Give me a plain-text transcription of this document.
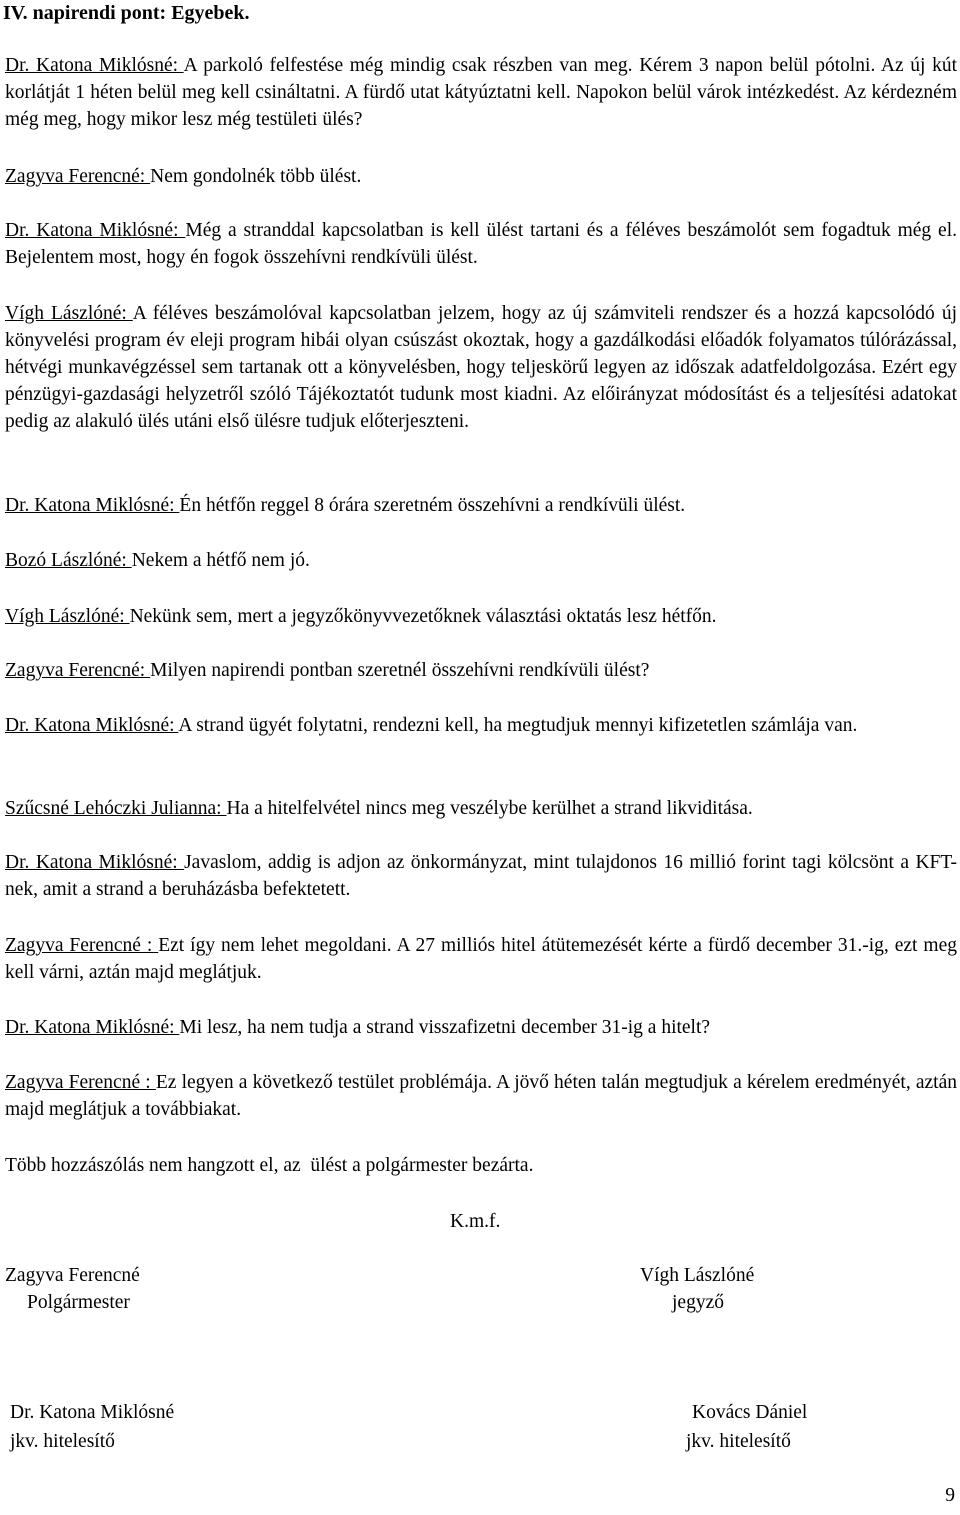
IV. napirendi pont: Egyebek.
Dr. Katona Miklósné: A parkoló felfestése még mindig csak részben van meg. Kérem 3 napon belül pótolni. Az új kút korlátját 1 héten belül meg kell csináltatni. A fürdő utat kátyúztatni kell. Napokon belül várok intézkedést. Az kérdezném még meg, hogy mikor lesz még testületi ülés?
Zagyva Ferencné: Nem gondolnék több ülést.
Dr. Katona Miklósné: Még a stranddal kapcsolatban is kell ülést tartani és a féléves beszámolót sem fogadtuk még el. Bejelentem most, hogy én fogok összehívni rendkívüli ülést.
Vígh Lászlóné: A féléves beszámolóval kapcsolatban jelzem, hogy az új számviteli rendszer és a hozzá kapcsolódó új könyvelési program év eleji program hibái olyan csúszást okoztak, hogy a gazdálkodási előadók folyamatos túlórázással, hétvégi munkavégzéssel sem tartanak ott a könyvelésben, hogy teljeskörű legyen az időszak adatfeldolgozása. Ezért egy pénzügyi-gazdasági helyzetről szóló Tájékoztatót tudunk most kiadni. Az előirányzat módosítást és a teljesítési adatokat pedig az alakuló ülés utáni első ülésre tudjuk előterjeszteni.
Dr. Katona Miklósné: Én hétfőn reggel 8 órára szeretném összehívni a rendkívüli ülést.
Bozó Lászlóné: Nekem a hétfő nem jó.
Vígh Lászlóné: Nekünk sem, mert a jegyzőkönyvvezetőknek választási oktatás lesz hétfőn.
Zagyva Ferencné: Milyen napirendi pontban szeretnél összehívni rendkívüli ülést?
Dr. Katona Miklósné: A strand ügyét folytatni, rendezni kell, ha megtudjuk mennyi kifizetetlen számlája van.
Szűcsné Lehóczki Julianna: Ha a hitelfelvétel nincs meg veszélybe kerülhet a strand likviditása.
Dr. Katona Miklósné: Javaslom, addig is adjon az önkormányzat, mint tulajdonos 16 millió forint tagi kölcsönt a KFT-nek, amit a strand a beruházásba befektetett.
Zagyva Ferencné : Ezt így nem lehet megoldani. A 27 milliós hitel átütemezését kérte a fürdő december 31.-ig, ezt meg kell várni, aztán majd meglátjuk.
Dr. Katona Miklósné: Mi lesz, ha nem tudja a strand visszafizetni december 31-ig a hitelt?
Zagyva Ferencné : Ez legyen a következő testület problémája. A jövő héten talán megtudjuk a kérelem eredményét, aztán majd meglátjuk a továbbiakat.
Több hozzászólás nem hangzott el, az  ülést a polgármester bezárta.
K.m.f.
Zagyva Ferencné
Polgármester
Vígh Lászlóné
jegyző
Dr. Katona Miklósné
jkv. hitelesítő
Kovács Dániel
jkv. hitelesítő
9
